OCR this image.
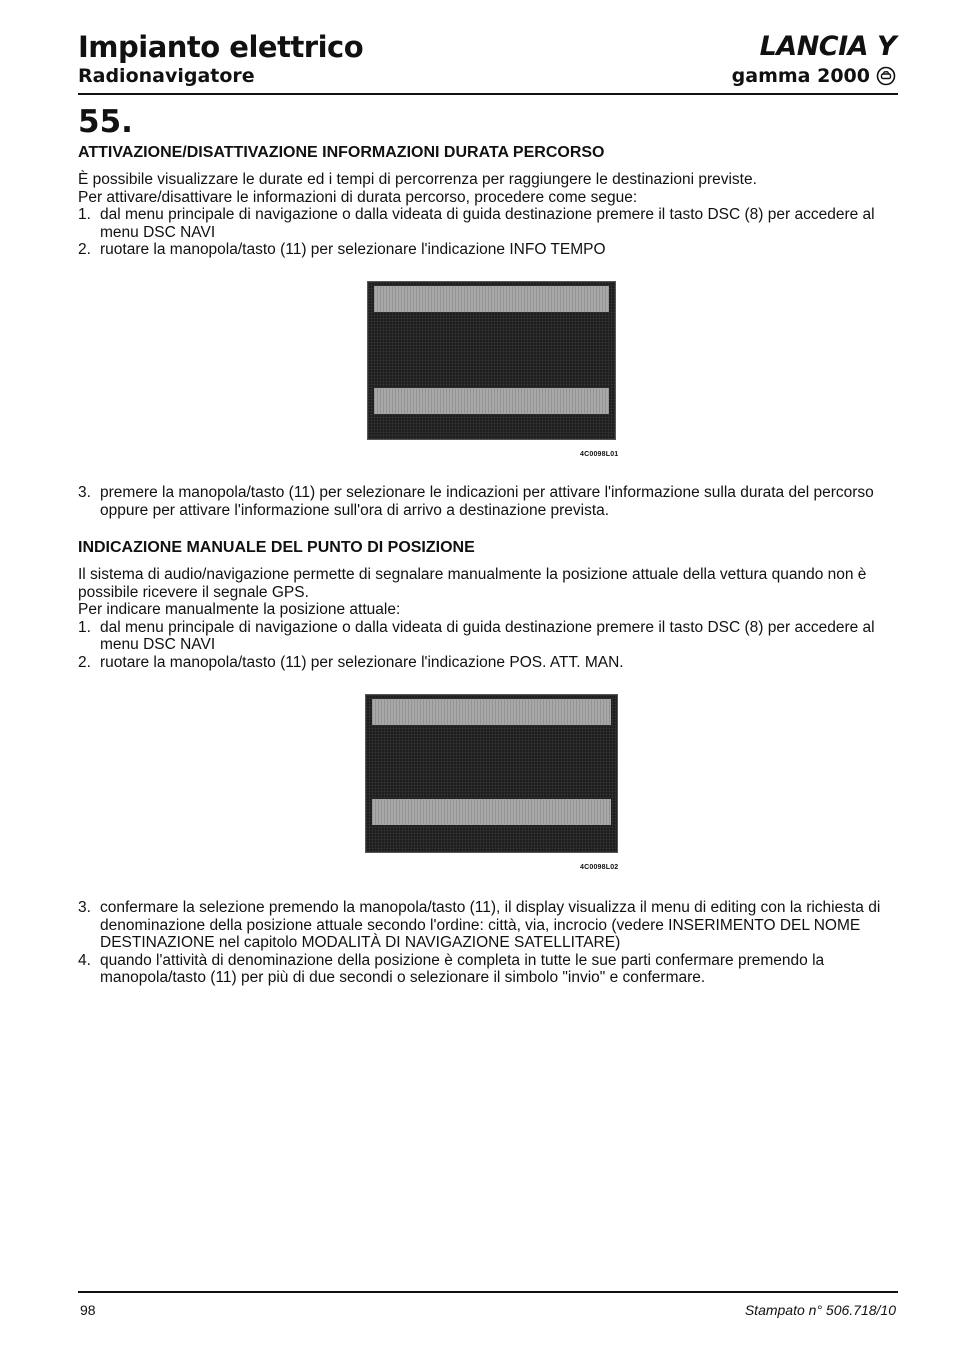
Impianto elettrico
Radionavigatore
LANCIA Y
gamma 2000
55.
ATTIVAZIONE/DISATTIVAZIONE INFORMAZIONI DURATA PERCORSO

È possibile visualizzare le durate ed i tempi di percorrenza per raggiungere le destinazioni previste.

Per attivare/disattivare le informazioni di durata percorso, procedere come segue:

1. dal menu principale di navigazione o dalla videata di guida destinazione premere il tasto DSC (8) per accedere al menu DSC NAVI
2. ruotare la manopola/tasto (11) per selezionare l'indicazione INFO TEMPO
4C0098L01
3. premere la manopola/tasto (11) per selezionare le indicazioni per attivare l'informazione sulla durata del percorso oppure per attivare l'informazione sull'ora di arrivo a destinazione prevista.
INDICAZIONE MANUALE DEL PUNTO DI POSIZIONE

Il sistema di audio/navigazione permette di segnalare manualmente la posizione attuale della vettura quando non è possibile ricevere il segnale GPS.

Per indicare manualmente la posizione attuale:

1. dal menu principale di navigazione o dalla videata di guida destinazione premere il tasto DSC (8) per accedere al menu DSC NAVI
2. ruotare la manopola/tasto (11) per selezionare l'indicazione POS. ATT. MAN.
4C0098L02
3. confermare la selezione premendo la manopola/tasto (11), il display visualizza il menu di editing con la richiesta di denominazione della posizione attuale secondo l'ordine: città, via, incrocio (vedere INSERIMENTO DEL NOME DESTINAZIONE nel capitolo MODALITÀ DI NAVIGAZIONE SATELLITARE)
4. quando l'attività di denominazione della posizione è completa in tutte le sue parti confermare premendo la manopola/tasto (11) per più di due secondi o selezionare il simbolo "invio" e confermare.
98	Stampato n° 506.718/10
